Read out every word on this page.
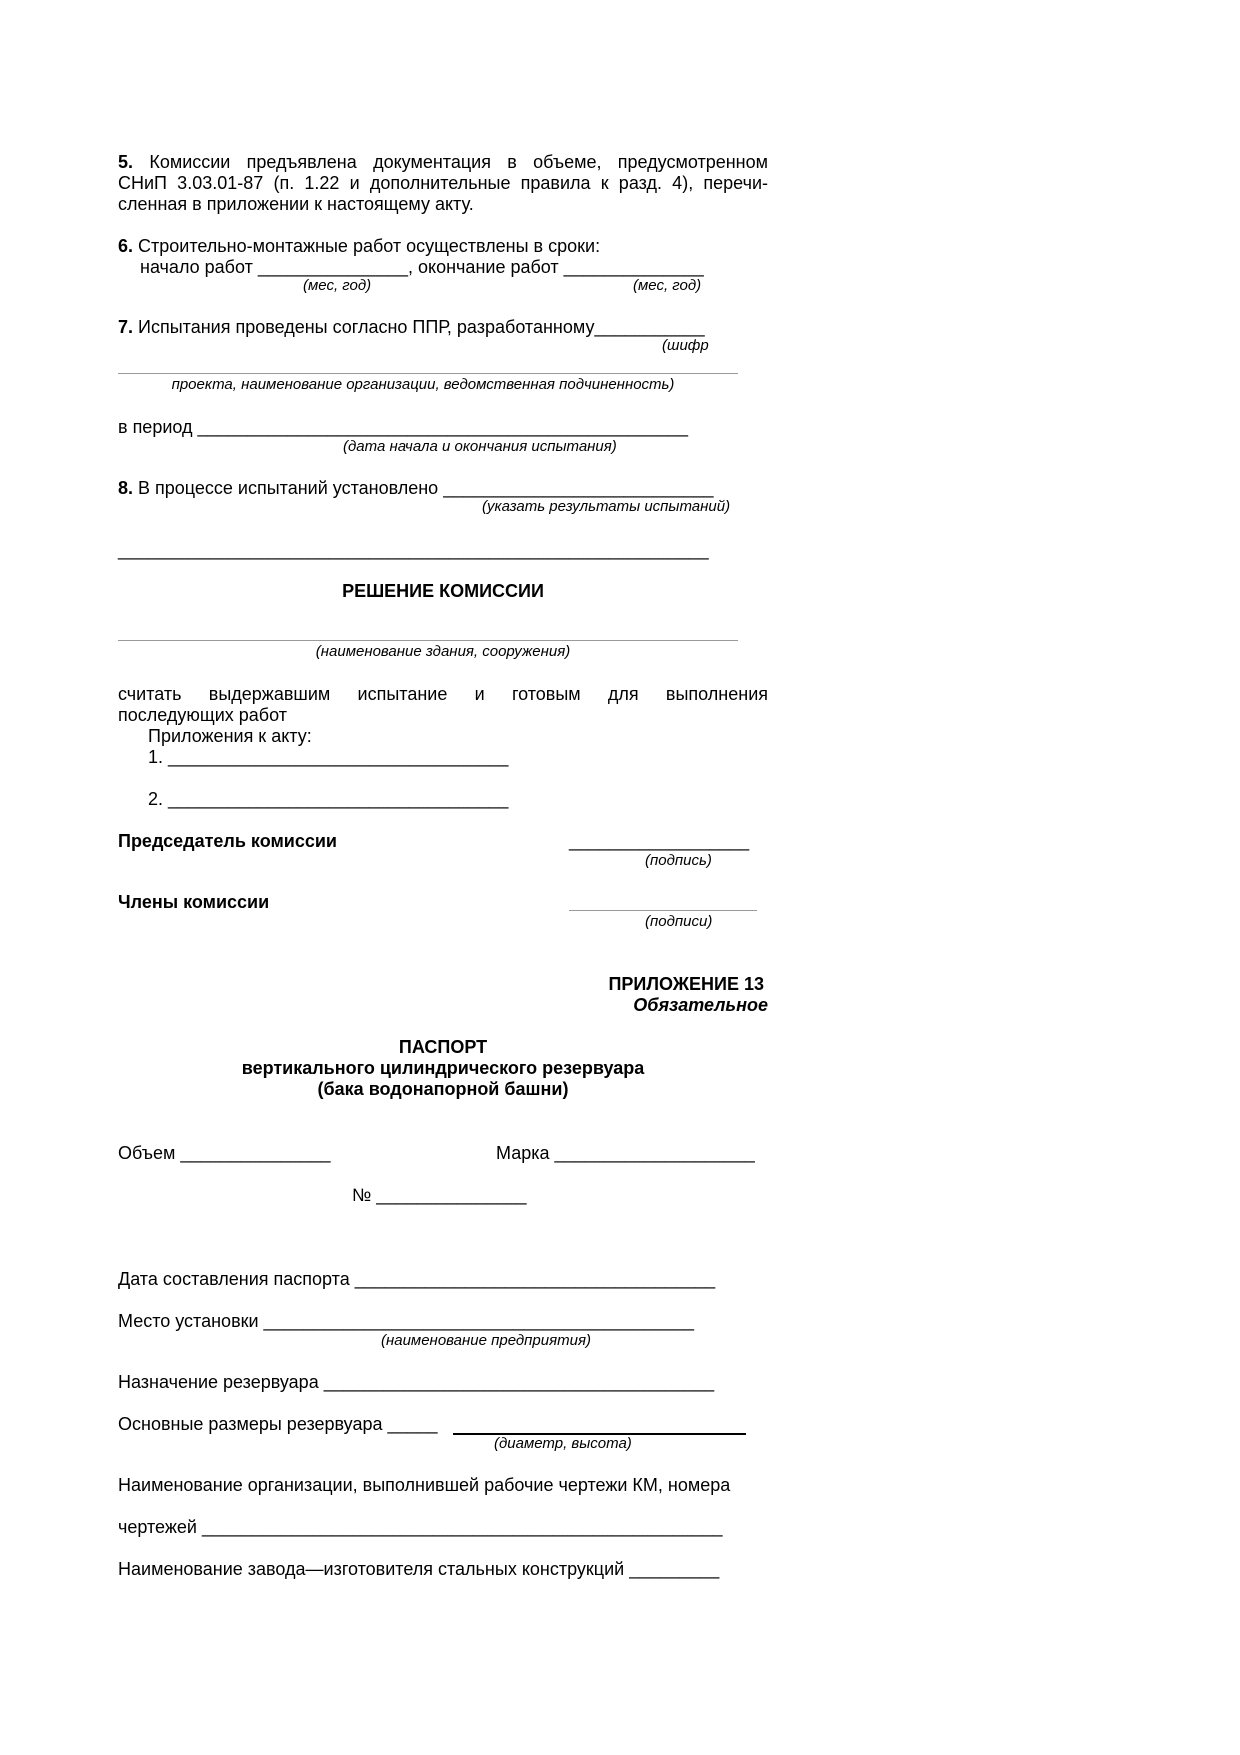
5. Комиссии предъявлена документация в объеме, предусмотренном
СНиП 3.03.01-87 (п. 1.22 и дополнительные правила к разд. 4), перечи-
сленная в приложении к настоящему акту.
6. Строительно-монтажные работ осуществлены в сроки:
начало работ _______________, окончание работ ______________
(мес, год)	(мес, год)
7. Испытания проведены согласно ППР, разработанному___________
(шифр
проекта, наименование организации, ведомственная подчиненность)
в период _________________________________________________
(дата начала и окончания испытания)
8. В процессе испытаний установлено ___________________________
(указать результаты испытаний)
___________________________________________________________
РЕШЕНИЕ КОМИССИИ
(наименование здания, сооружения)
считать выдержавшим испытание и готовым для выполнения
последующих работ
Приложения к акту:
1. __________________________________
2. __________________________________
Председатель комиссии	__________________
(подпись)
Члены комиссии
(подписи)
ПРИЛОЖЕНИЕ 13
Обязательное
ПАСПОРТ
вертикального цилиндрического резервуара
(бака водонапорной башни)
Объем _______________	Марка ____________________
№ _______________
Дата составления паспорта ____________________________________
Место установки ___________________________________________
(наименование предприятия)
Назначение резервуара _______________________________________
Основные размеры резервуара _____
(диаметр, высота)
Наименование организации, выполнившей рабочие чертежи КМ, номера
чертежей ____________________________________________________
Наименование завода—изготовителя стальных конструкций _________
